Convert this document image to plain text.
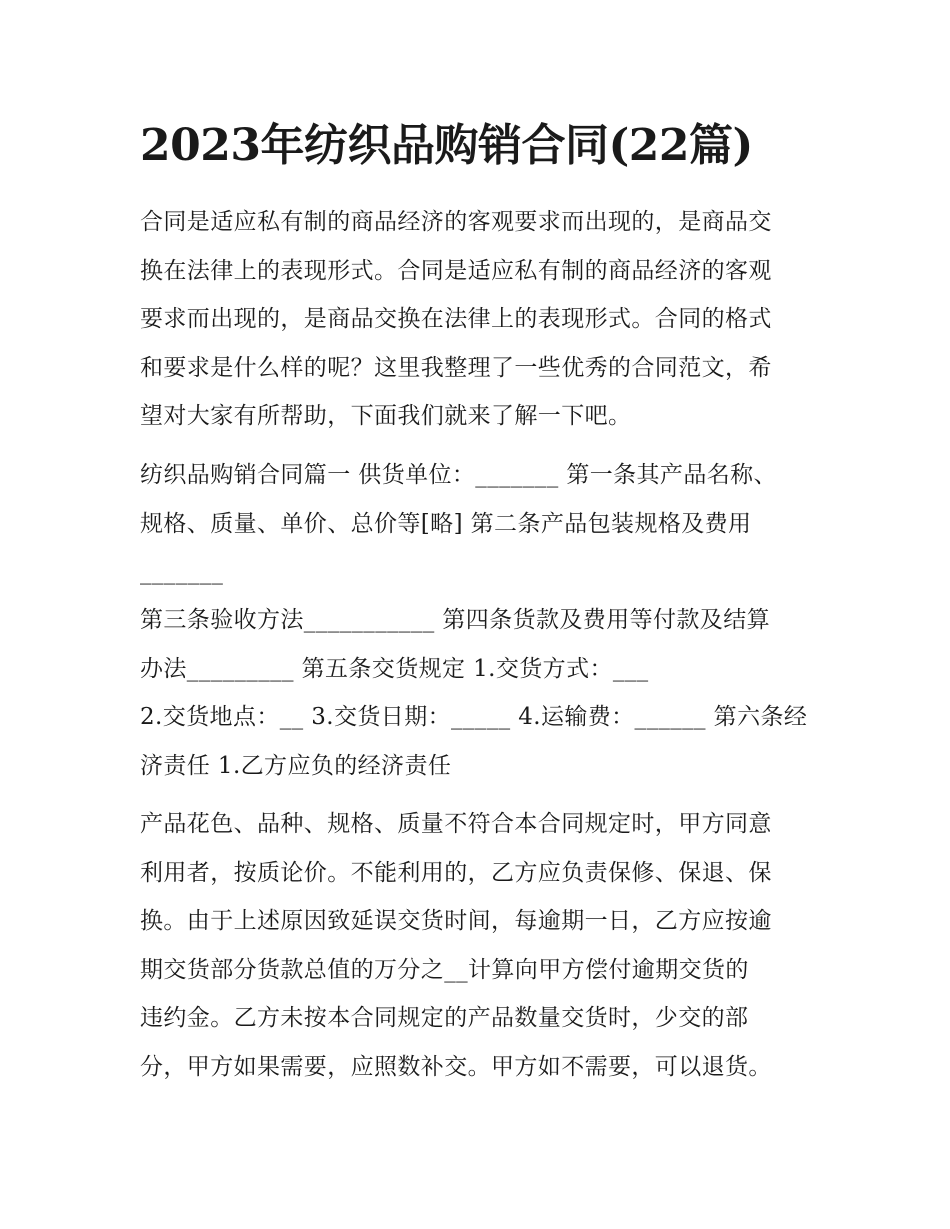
2023年纺织品购销合同(22篇)
合同是适应私有制的商品经济的客观要求而出现的，是商品交
换在法律上的表现形式。合同是适应私有制的商品经济的客观
要求而出现的，是商品交换在法律上的表现形式。合同的格式
和要求是什么样的呢？这里我整理了一些优秀的合同范文，希
望对大家有所帮助，下面我们就来了解一下吧。
纺织品购销合同篇一 供货单位：_______ 第一条其产品名称、
规格、质量、单价、总价等[略] 第二条产品包装规格及费用
_______
第三条验收方法___________ 第四条货款及费用等付款及结算
办法_________ 第五条交货规定 1.交货方式：___
2.交货地点：__ 3.交货日期：_____ 4.运输费：______ 第六条经
济责任 1.乙方应负的经济责任
产品花色、品种、规格、质量不符合本合同规定时，甲方同意
利用者，按质论价。不能利用的，乙方应负责保修、保退、保
换。由于上述原因致延误交货时间，每逾期一日，乙方应按逾
期交货部分货款总值的万分之__计算向甲方偿付逾期交货的
违约金。乙方未按本合同规定的产品数量交货时，少交的部
分，甲方如果需要，应照数补交。甲方如不需要，可以退货。
